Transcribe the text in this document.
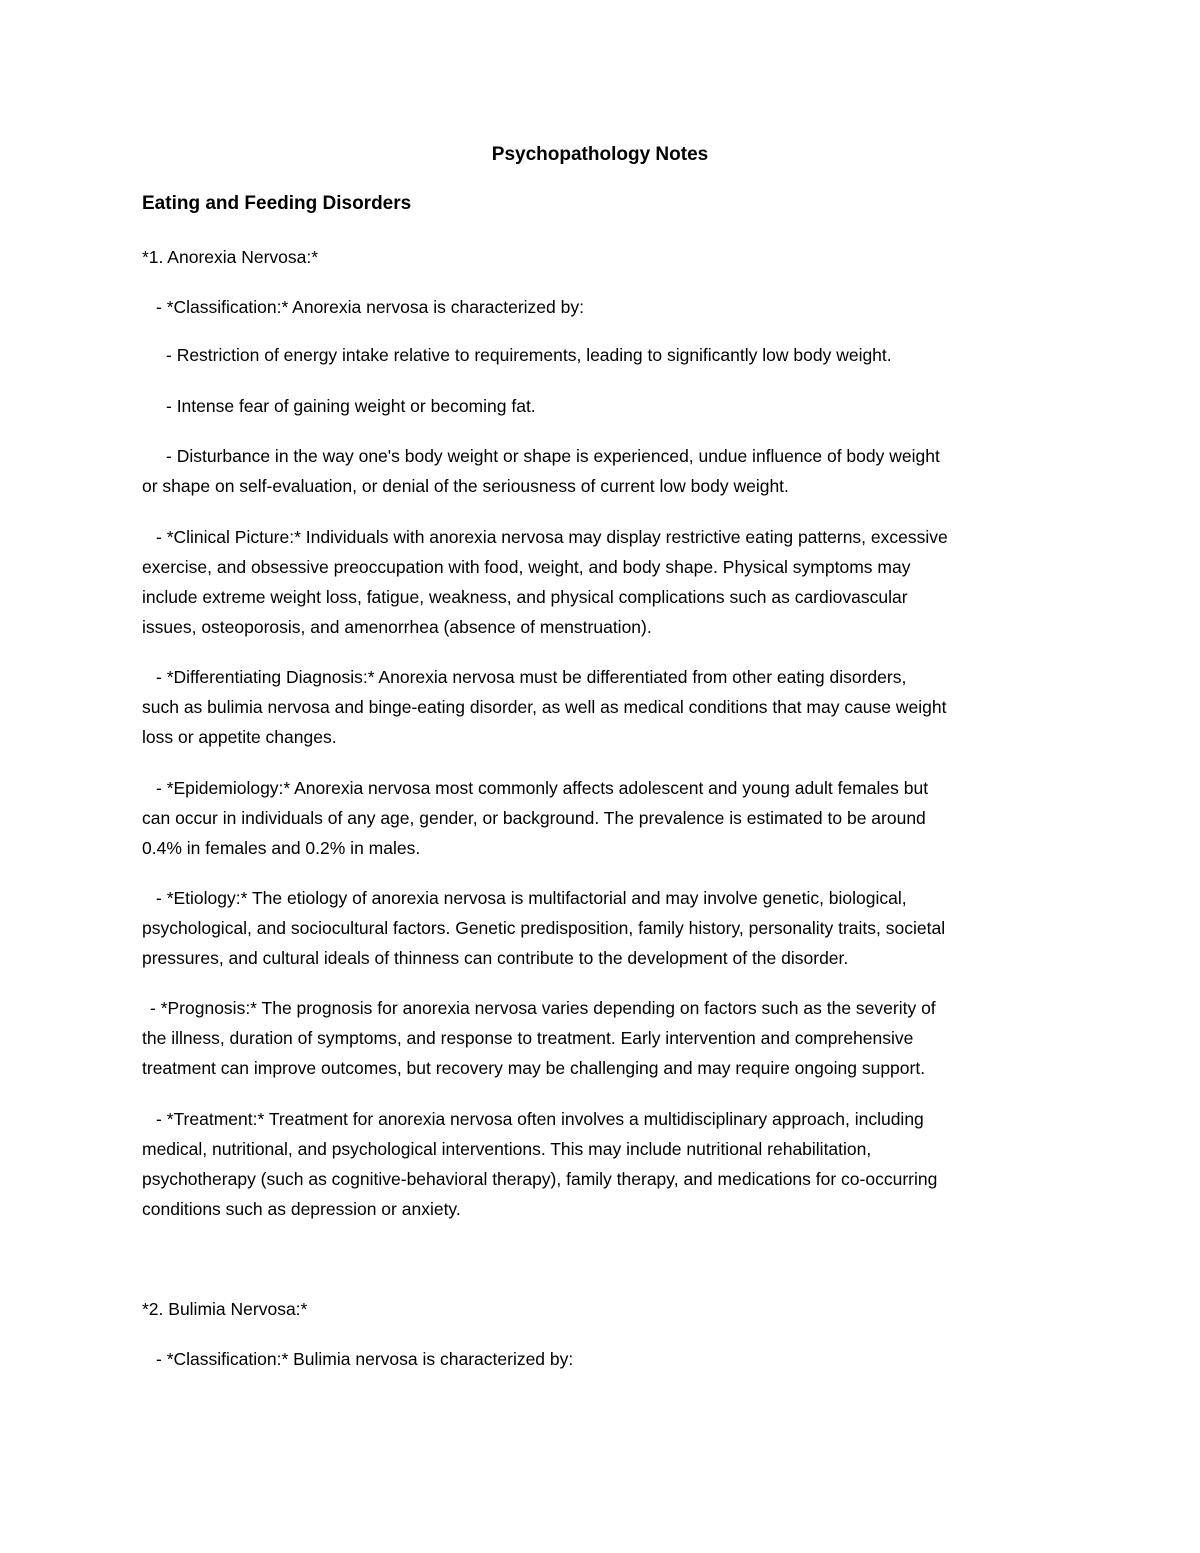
Psychopathology Notes

Eating and Feeding Disorders

*1. Anorexia Nervosa:*

- *Classification:* Anorexia nervosa is characterized by:

- Restriction of energy intake relative to requirements, leading to significantly low body weight.

- Intense fear of gaining weight or becoming fat.

- Disturbance in the way one's body weight or shape is experienced, undue influence of body weight

or shape on self-evaluation, or denial of the seriousness of current low body weight.

- *Clinical Picture:* Individuals with anorexia nervosa may display restrictive eating patterns, excessive

exercise, and obsessive preoccupation with food, weight, and body shape. Physical symptoms may

include extreme weight loss, fatigue, weakness, and physical complications such as cardiovascular

issues, osteoporosis, and amenorrhea (absence of menstruation).

- *Differentiating Diagnosis:* Anorexia nervosa must be differentiated from other eating disorders,

such as bulimia nervosa and binge-eating disorder, as well as medical conditions that may cause weight

loss or appetite changes.

- *Epidemiology:* Anorexia nervosa most commonly affects adolescent and young adult females but

can occur in individuals of any age, gender, or background. The prevalence is estimated to be around

0.4% in females and 0.2% in males.

- *Etiology:* The etiology of anorexia nervosa is multifactorial and may involve genetic, biological,

psychological, and sociocultural factors. Genetic predisposition, family history, personality traits, societal

pressures, and cultural ideals of thinness can contribute to the development of the disorder.

- *Prognosis:* The prognosis for anorexia nervosa varies depending on factors such as the severity of

the illness, duration of symptoms, and response to treatment. Early intervention and comprehensive

treatment can improve outcomes, but recovery may be challenging and may require ongoing support.

- *Treatment:* Treatment for anorexia nervosa often involves a multidisciplinary approach, including

medical, nutritional, and psychological interventions. This may include nutritional rehabilitation,

psychotherapy (such as cognitive-behavioral therapy), family therapy, and medications for co-occurring

conditions such as depression or anxiety.

*2. Bulimia Nervosa:*

- *Classification:* Bulimia nervosa is characterized by:
